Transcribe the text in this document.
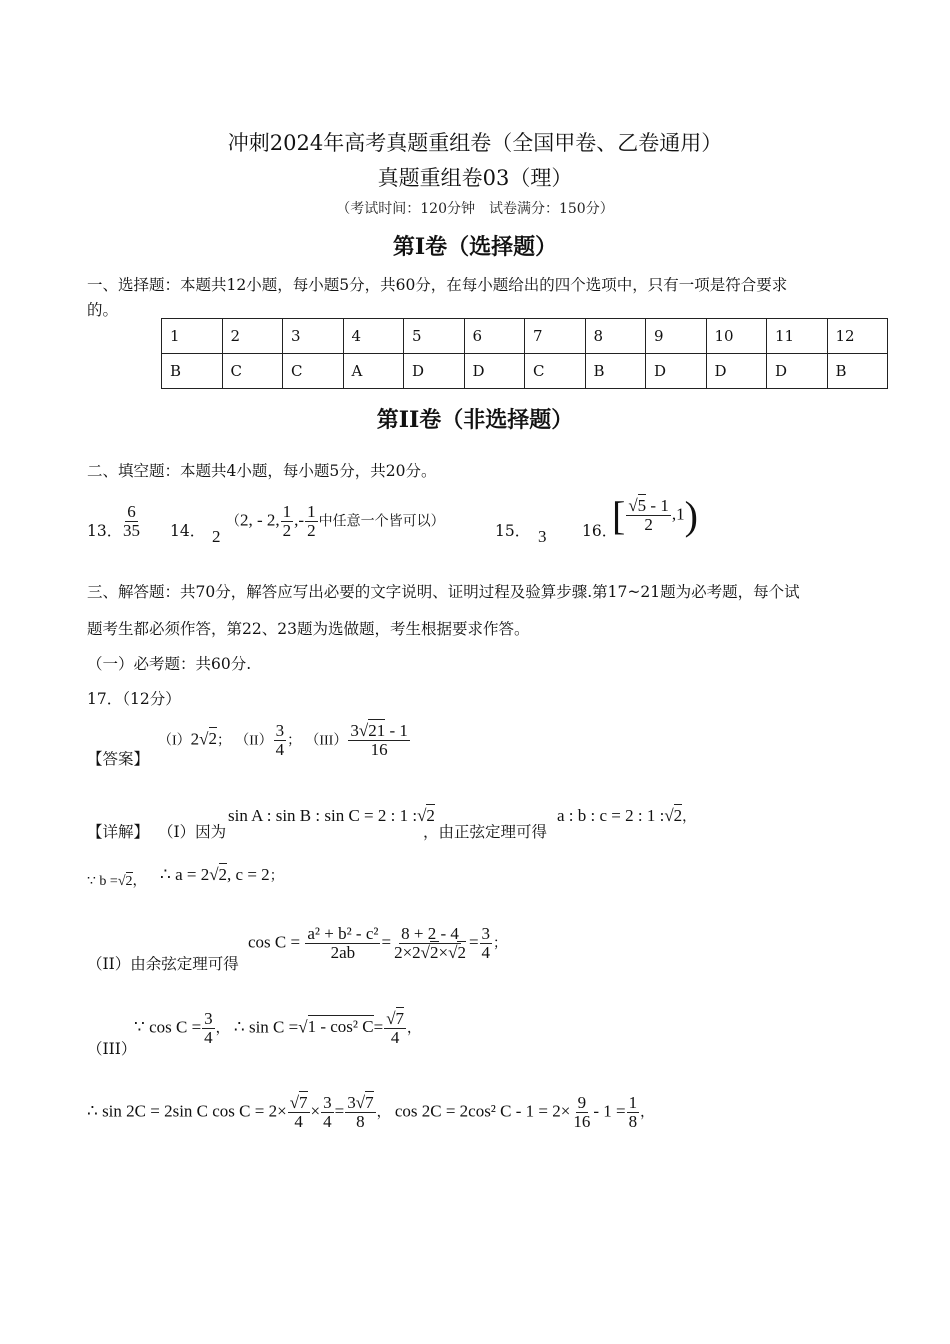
冲刺2024年高考真题重组卷（全国甲卷、乙卷通用）
真题重组卷03（理）
（考试时间：120分钟　试卷满分：150分）
第I卷（选择题）
一、选择题：本题共12小题，每小题5分，共60分，在每小题给出的四个选项中，只有一项是符合要求
的。
1	2	3	4	5	6	7	8	9	10	11	12
B	C	C	A	D	D	C	B	D	D	D	B
第II卷（非选择题）
二、填空题：本题共4小题，每小题5分，共20分。
13．
$\frac{6}{35} 14$． 2
（2, - 2, $\frac{1}{2}$ ,- $\frac{1}{2}$ 中任意一个皆可以）
15． 3 16．
[ $\frac{√5 - 1}{2} ,1$)
三、解答题：共70分，解答应写出必要的文字说明、证明过程及验算步骤.第17~21题为必考题，每个试
题考生都必须作答，第22、23题为选做题，考生根据要求作答。
（一）必考题：共60分.
17．（12分）
【答案】
（I）2√2； $(II) \frac{3}{4}$ ； $(III) \frac{3√21 - 1}{16}$
【详解】 （I）因为
sin A : sin B : sin C = 2 : 1 :√2
，由正弦定理可得
a : b : c = 2 : 1 :√2，
∵ b =√2， ∴ a = 2√2, c = 2；
（II）由余弦定理可得
$\cos C = \frac{\text{a² + b² - c²}}{2ab} = \frac{8 + 2 - 4}{2\times 2√2\times√2} = \frac{3}{4}$ ；
（III）
∵ $\cos C = \frac{3}{4}$ ， ∴ sin C =√1 - cos² $C= \frac{√7}{4}$ ，
∴ sin 2C = 2sin C $\cos C = 2\times \frac{√7}{4} \times \frac{3}{4} = \frac{3√7}{8}$ ， cos 2C = 2cos² $C - 1 = 2\times \frac{9}{16} - 1 = \frac{1}{8}$ ，
